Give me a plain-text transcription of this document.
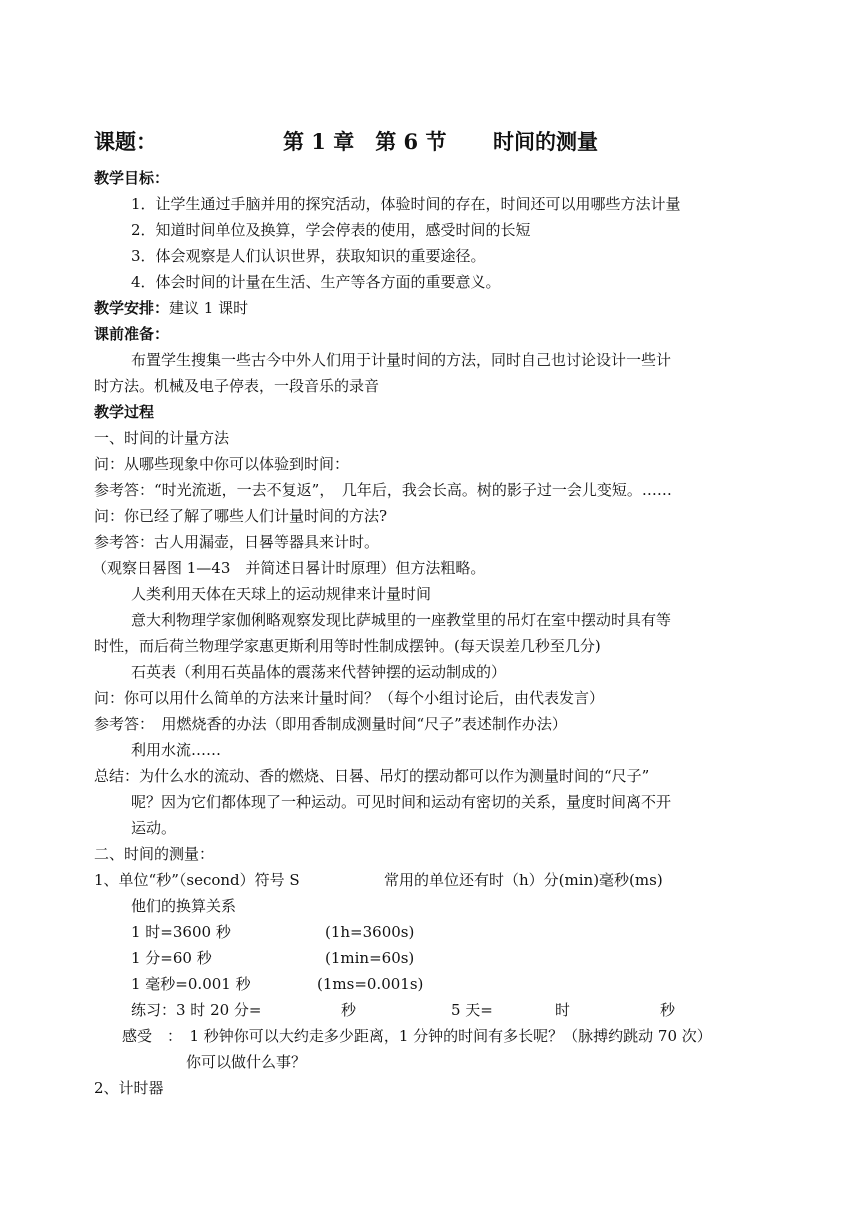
课题：	第 1 章　第 6 节 时间的测量
教学目标：
1．让学生通过手脑并用的探究活动，体验时间的存在，时间还可以用哪些方法计量
2．知道时间单位及换算，学会停表的使用，感受时间的长短
3．体会观察是人们认识世界，获取知识的重要途径。
4．体会时间的计量在生活、生产等各方面的重要意义。
教学安排：建议 1 课时
课前准备：
布置学生搜集一些古今中外人们用于计量时间的方法，同时自己也讨论设计一些计
时方法。机械及电子停表，一段音乐的录音
教学过程
一、时间的计量方法
问：从哪些现象中你可以体验到时间：
参考答：“时光流逝，一去不复返”，　几年后，我会长高。树的影子过一会儿变短。……
问：你已经了解了哪些人们计量时间的方法?
参考答：古人用漏壶，日晷等器具来计时。
（观察日晷图 1—43　并简述日晷计时原理）但方法粗略。
人类利用天体在天球上的运动规律来计量时间
意大利物理学家伽俐略观察发现比萨城里的一座教堂里的吊灯在室中摆动时具有等
时性，而后荷兰物理学家惠更斯利用等时性制成摆钟。(每天误差几秒至几分)
石英表（利用石英晶体的震荡来代替钟摆的运动制成的）
问：你可以用什么简单的方法来计量时间？（每个小组讨论后，由代表发言）
参考答：　用燃烧香的办法（即用香制成测量时间“尺子”表述制作办法）
利用水流……
总结：为什么水的流动、香的燃烧、日晷、吊灯的摆动都可以作为测量时间的“尺子”
呢？因为它们都体现了一种运动。可见时间和运动有密切的关系，量度时间离不开
运动。
二、时间的测量：
1、单位“秒”（second）符号 S	常用的单位还有时（h）分(min)毫秒(ms)
他们的换算关系
1 时=3600 秒	(1h=3600s)
1 分=60 秒	(1min=60s)
1 毫秒=0.001 秒	(1ms=0.001s)
练习：3 时 20 分=	秒	5 天=	时	秒
感受　：　1 秒钟你可以大约走多少距离，1 分钟的时间有多长呢？（脉搏约跳动 70 次）
你可以做什么事？
2、计时器
